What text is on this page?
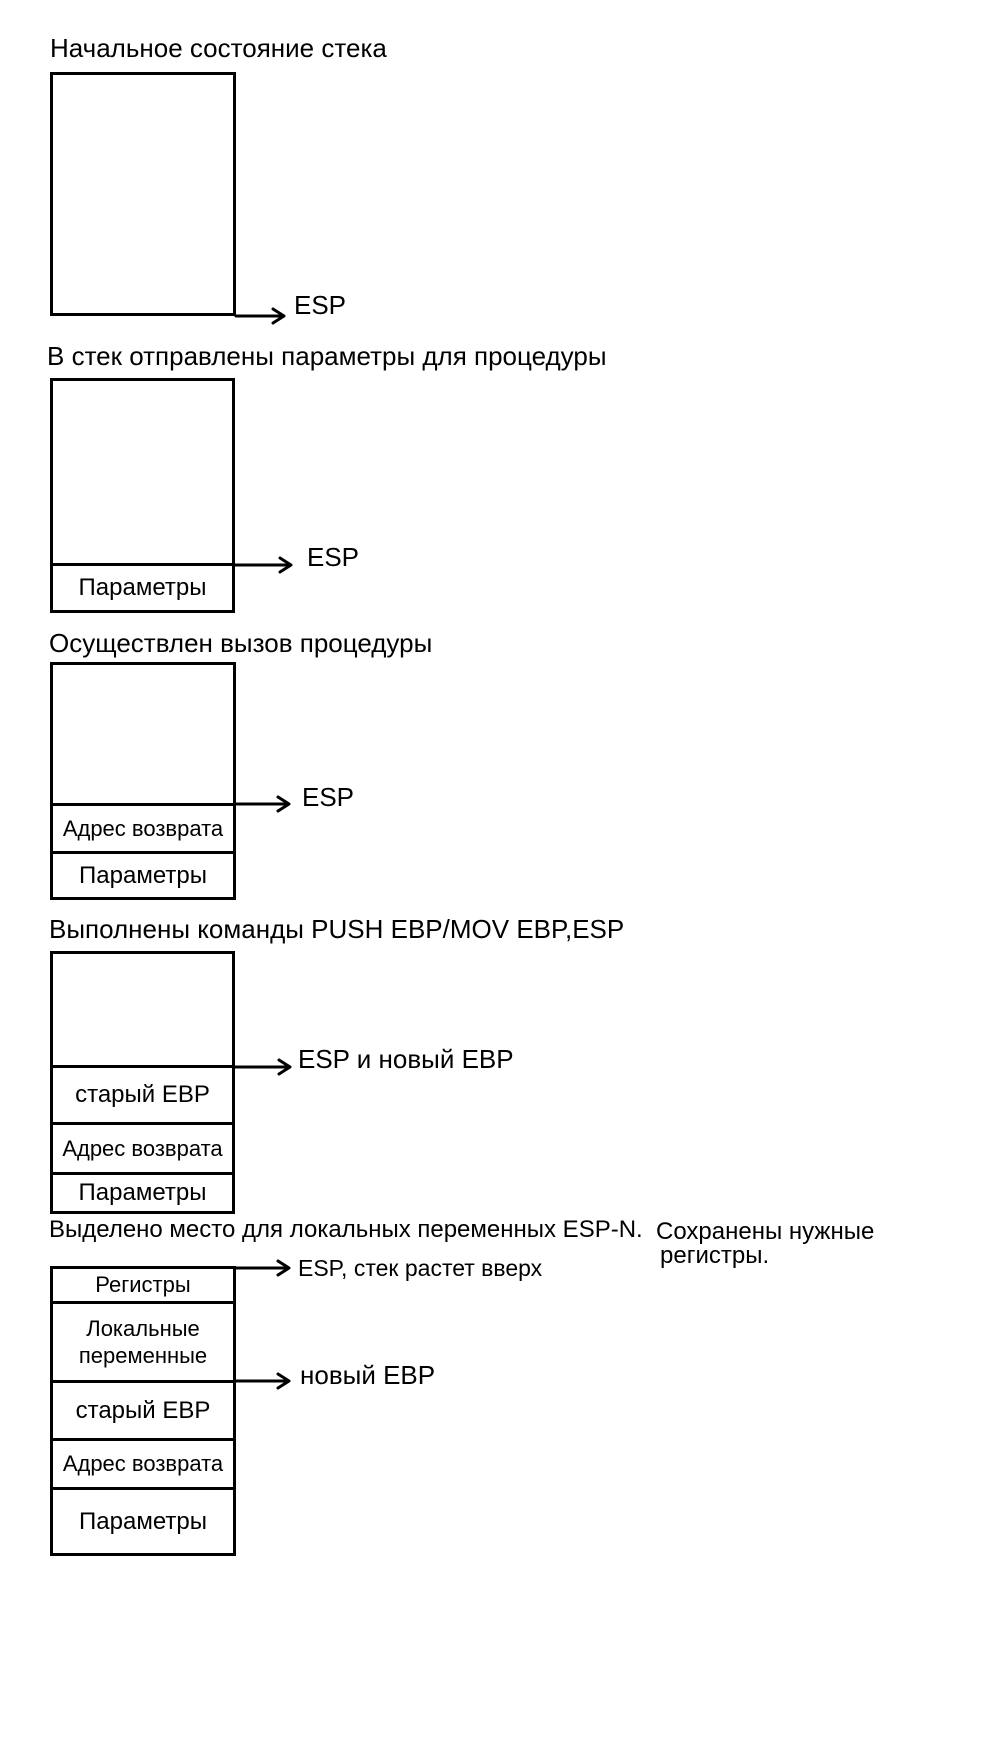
Начальное состояние стека
ESP
В стек отправлены параметры для процедуры
Параметры
ESP
Осуществлен вызов процедуры
Адрес возврата
Параметры
ESP
Выполнены команды PUSH EBP/MOV EBP,ESP
старый EBP
Адрес возврата
Параметры
ESP и новый EBP
Выделено место для локальных переменных ESP-N. Сохранены нужные
регистры.
Регистры
Локальные переменные
старый EBP
Адрес возврата
Параметры
ESP, стек растет вверх
новый EBP
